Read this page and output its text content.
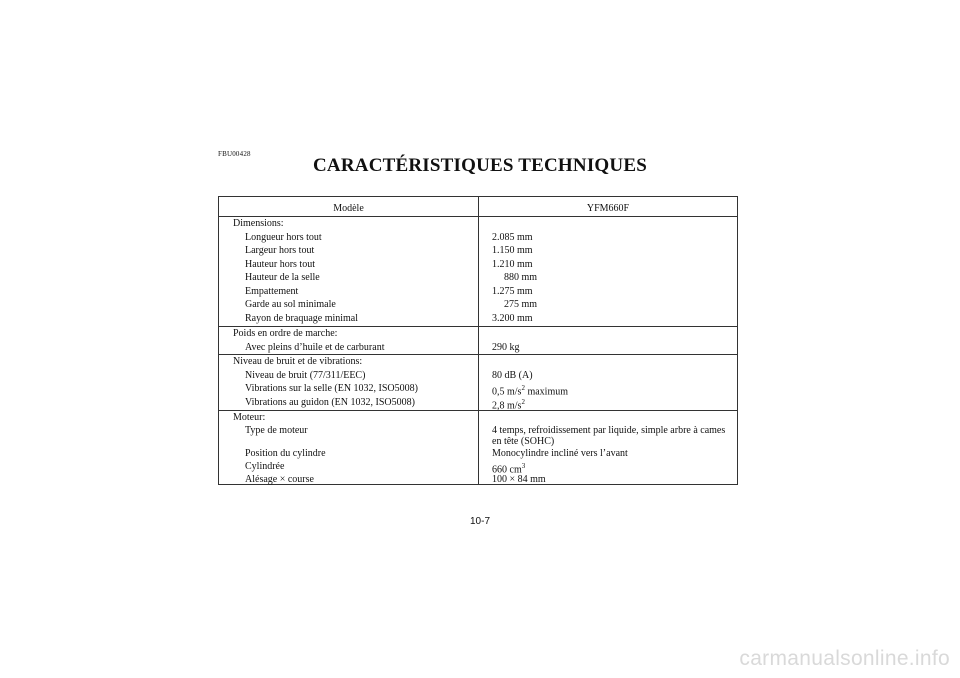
FBU00428
CARACTÉRISTIQUES TECHNIQUES
Modèle	YFM660F
Dimensions:
Longueur hors tout	2.085 mm
Largeur hors tout	1.150 mm
Hauteur hors tout	1.210 mm
Hauteur de la selle	880 mm
Empattement	1.275 mm
Garde au sol minimale	275 mm
Rayon de braquage minimal	3.200 mm
Poids en ordre de marche:
Avec pleins d’huile et de carburant	290 kg
Niveau de bruit et de vibrations:
Niveau de bruit (77/311/EEC)	80 dB (A)
Vibrations sur la selle (EN 1032, ISO5008)	0,5 $m/s^2$ maximum
Vibrations au guidon (EN 1032, ISO5008)	2,8 $m/s^2$
Moteur:
Type de moteur	4 temps, refroidissement par liquide, simple arbre à cames en tête (SOHC)
Position du cylindre	Monocylindre incliné vers l’avant
Cylindrée	660 $cm^3$
Alésage × course	100 × 84 mm
10-7
carmanualsonline.info
